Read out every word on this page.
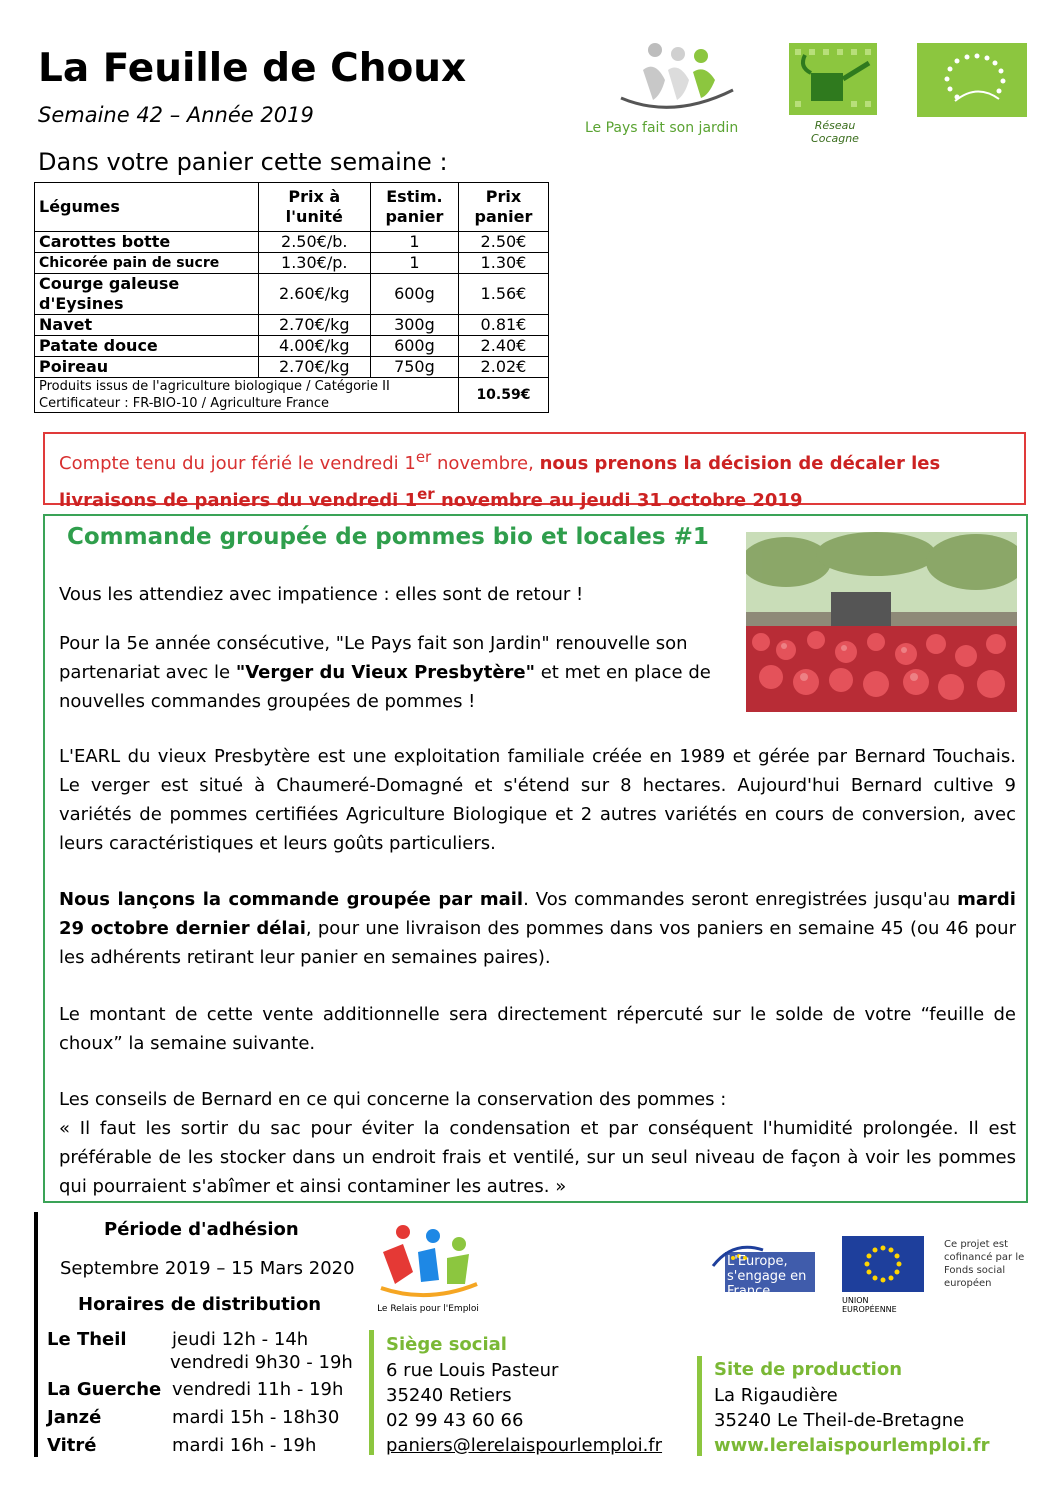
La Feuille de Choux
Semaine 42 – Année 2019
Dans votre panier cette semaine :
Le Pays fait son jardin	Réseau Cocagne
Légumes	Prix à l'unité	Estim. panier	Prix panier
Carottes botte	2.50€/b.	1	2.50€
Chicorée pain de sucre	1.30€/p.	1	1.30€
Courge galeuse d'Eysines	2.60€/kg	600g	1.56€
Navet	2.70€/kg	300g	0.81€
Patate douce	4.00€/kg	600g	2.40€
Poireau	2.70€/kg	750g	2.02€

Produits issus de l'agriculture biologique / Catégorie II
Certificateur : FR-BIO-10 / Agriculture France			10.59€
Compte tenu du jour férié le vendredi 1er novembre, nous prenons la décision de décaler les livraisons de paniers du vendredi 1er novembre au jeudi 31 octobre 2019
Commande groupée de pommes bio et locales #1
Vous les attendiez avec impatience : elles sont de retour !
Pour la 5e année consécutive, "Le Pays fait son Jardin" renouvelle son partenariat avec le "Verger du Vieux Presbytère" et met en place de nouvelles commandes groupées de pommes !
L'EARL du vieux Presbytère est une exploitation familiale créée en 1989 et gérée par Bernard Touchais. Le verger est situé à Chaumeré-Domagné et s'étend sur 8 hectares. Aujourd'hui Bernard cultive 9 variétés de pommes certifiées Agriculture Biologique et 2 autres variétés en cours de conversion, avec leurs caractéristiques et leurs goûts particuliers.
Nous lançons la commande groupée par mail. Vos commandes seront enregistrées jusqu'au mardi 29 octobre dernier délai, pour une livraison des pommes dans vos paniers en semaine 45 (ou 46 pour les adhérents retirant leur panier en semaines paires).
Le montant de cette vente additionnelle sera directement répercuté sur le solde de votre “feuille de choux” la semaine suivante.
Les conseils de Bernard en ce qui concerne la conservation des pommes :
« Il faut les sortir du sac pour éviter la condensation et par conséquent l'humidité prolongée. Il est préférable de les stocker dans un endroit frais et ventilé, sur un seul niveau de façon à voir les pommes qui pourraient s'abîmer et ainsi contaminer les autres. »
Période d'adhésion
Septembre 2019 – 15 Mars 2020
Horaires de distribution
Le Theil	jeudi 12h - 14h
vendredi 9h30 - 19h
La Guerche vendredi 11h - 19h
Janzé	mardi 15h - 18h30
Vitré	mardi 16h - 19h
Le Relais pour l'Emploi
Siège social
6 rue Louis Pasteur
35240 Retiers
02 99 43 60 66
paniers@lerelaispourlemploi.fr
L'Europe, s'engage en France
UNION EUROPÉENNE
Ce projet est cofinancé par le Fonds social européen
Site de production
La Rigaudière
35240 Le Theil-de-Bretagne
www.lerelaispourlemploi.fr
